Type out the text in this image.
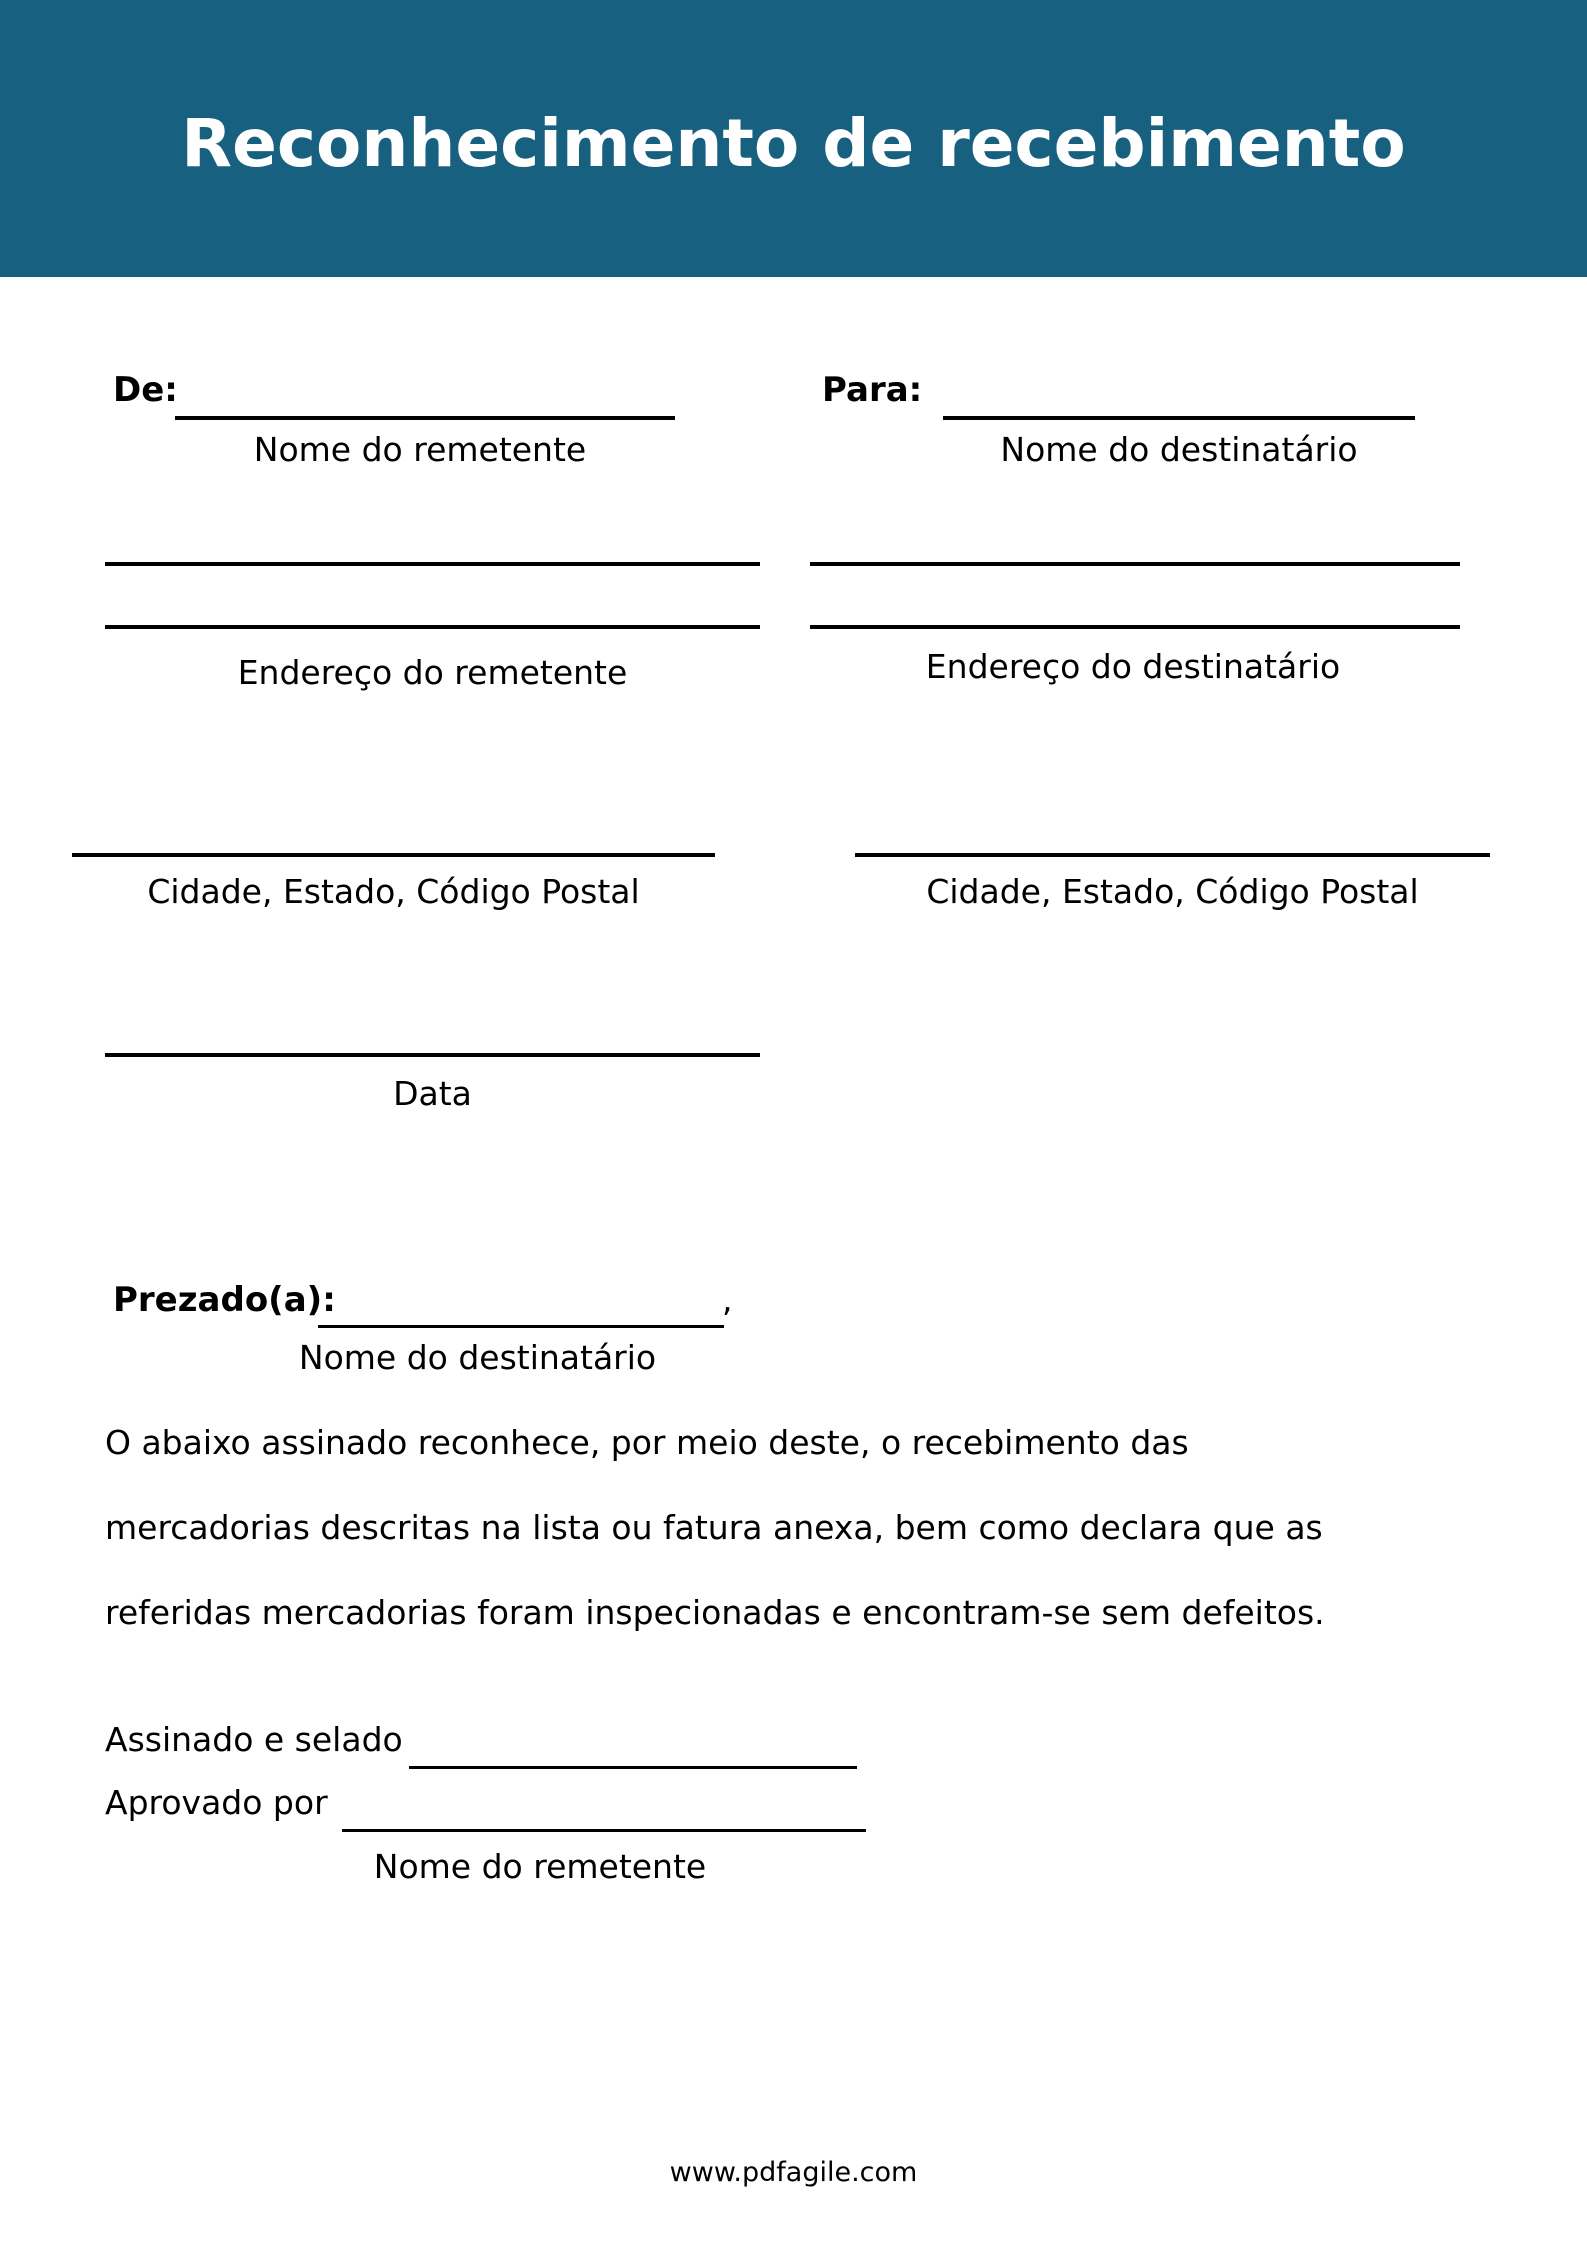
Reconhecimento de recebimento
De:
Nome do remetente
Para:
Nome do destinatário
Endereço do remetente	Endereço do destinatário
Cidade, Estado, Código Postal	Cidade, Estado, Código Postal
Data
Prezado(a):	,
Nome do destinatário
O abaixo assinado reconhece, por meio deste, o recebimento das
mercadorias descritas na lista ou fatura anexa, bem como declara que as
referidas mercadorias foram inspecionadas e encontram-se sem defeitos.
Assinado e selado
Aprovado por
Nome do remetente
www.pdfagile.com
